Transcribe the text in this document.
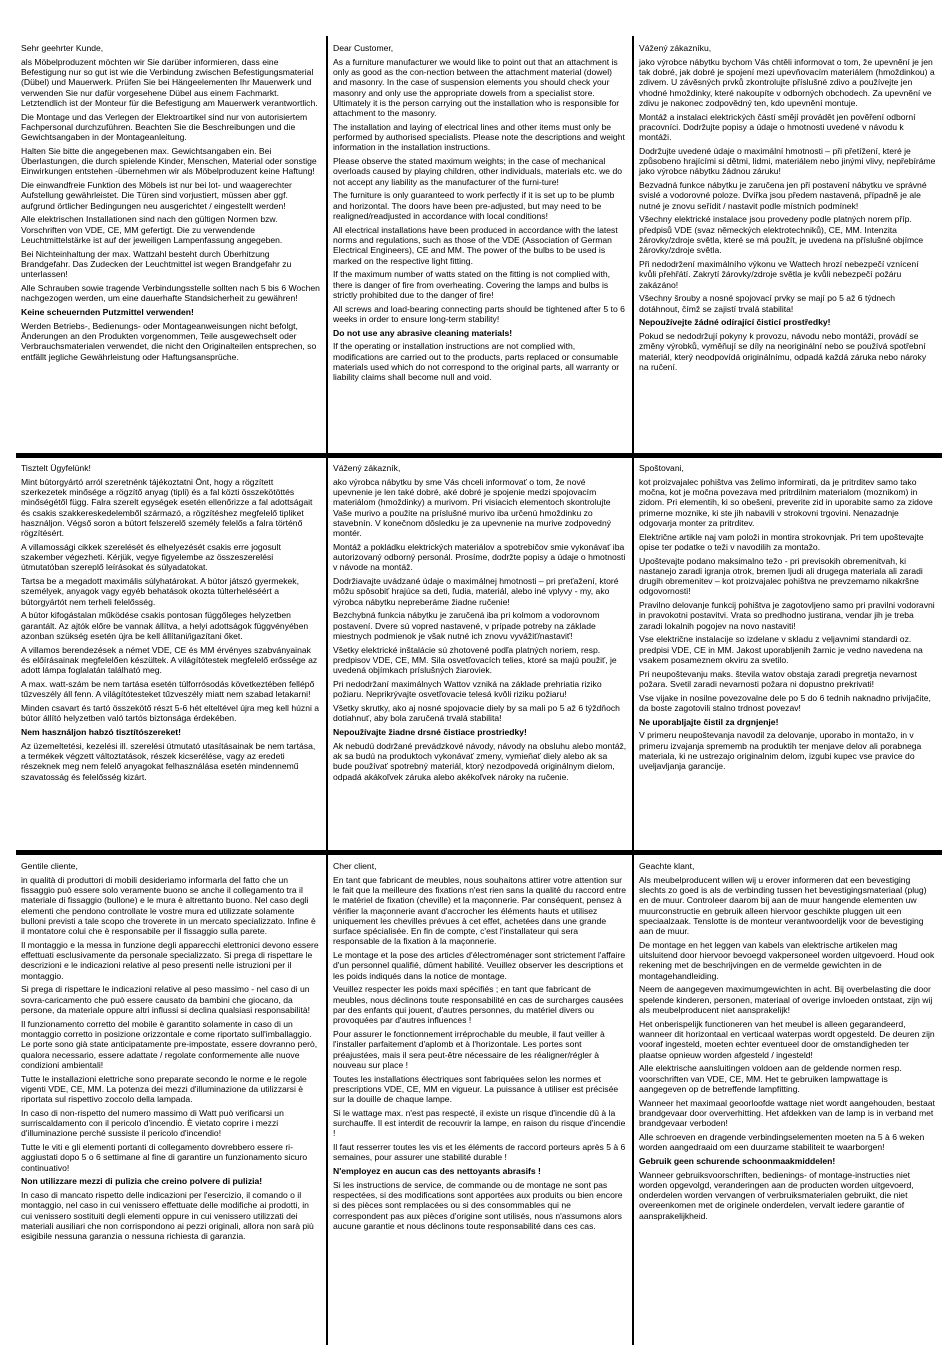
Sehr geehrter Kunde,

als Möbelproduzent möchten wir Sie darüber informieren, dass eine Befestigung nur so gut ist wie die Verbindung zwischen Befestigungsmaterial (Dübel) und Mauerwerk. Prüfen Sie bei Hängeelementen Ihr Mauerwerk und verwenden Sie nur dafür vorgesehene Dübel aus einem Fachmarkt. Letztendlich ist der Monteur für die Befestigung am Mauerwerk verantwortlich.

Die Montage und das Verlegen der Elektroartikel sind nur von autorisiertem Fachpersonal durchzuführen. Beachten Sie die Beschreibungen und die Gewichtsangaben in der Montageanleitung.

Halten Sie bitte die angegebenen max. Gewichtsangaben ein. Bei Überlastungen, die durch spielende Kinder, Menschen, Material oder sonstige Einwirkungen entstehen -übernehmen wir als Möbelproduzent keine Haftung!

Die einwandfreie Funktion des Möbels ist nur bei lot- und waagerechter Aufstellung gewährleistet. Die Türen sind vorjustiert, müssen aber ggf. aufgrund örtlicher Bedingungen neu ausgerichtet / eingestellt werden!

Alle elektrischen Installationen sind nach den gültigen Normen bzw. Vorschriften von VDE, CE, MM gefertigt. Die zu verwendende Leuchtmittelstärke ist auf der jeweiligen Lampenfassung angegeben.

Bei Nichteinhaltung der max. Wattzahl besteht durch Überhitzung Brandgefahr. Das Zudecken der Leuchtmittel ist wegen Brandgefahr zu unterlassen!

Alle Schrauben sowie tragende Verbindungsstelle sollten nach 5 bis 6 Wochen nachgezogen werden, um eine dauerhafte Standsicherheit zu gewähren!

Keine scheuernden Putzmittel verwenden!

Werden Betriebs-, Bedienungs- oder Montageanweisungen nicht befolgt, Änderungen an den Produkten vorgenommen, Teile ausgewechselt oder Verbrauchsmaterialen verwendet, die nicht den Originalteilen entsprechen, so entfällt jegliche Gewährleistung oder Haftungsansprüche.

Dear Customer,

As a furniture manufacturer we would like to point out that an attachment is only as good as the con-nection between the attachment material (dowel) and masonry. In the case of suspension elements you should check your masonry and only use the appropriate dowels from a specialist store. Ultimately it is the person carrying out the installation who is responsible for attachment to the masonry.

The installation and laying of electrical lines and other items must only be performed by authorised specialists. Please note the descriptions and weight information in the installation instructions.

Please observe the stated maximum weights; in the case of mechanical overloads caused by playing children, other individuals, materials etc. we do not accept any liability as the manufacturer of the furni-ture!

The furniture is only guaranteed to work perfectly if it is set up to be plumb and horizontal. The doors have been pre-adjusted, but may need to be realigned/readjusted in accordance with local conditions!

All electrical installations have been produced in accordance with the latest norms and regulations, such as those of the VDE (Association of German Electrical Engineers), CE and MM. The power of the bulbs to be used is marked on the respective light fitting.

If the maximum number of watts stated on the fitting is not complied with, there is danger of fire from overheating. Covering the lamps and bulbs is strictly prohibited due to the danger of fire!

All screws and load-bearing connecting parts should be tightened after 5 to 6 weeks in order to ensure long-term stability!

Do not use any abrasive cleaning materials!

If the operating or installation instructions are not complied with, modifications are carried out to the products, parts replaced or consumable materials used which do not correspond to the original parts, all warranty or liability claims shall become null and void.

Vážený zákazníku,

jako výrobce nábytku bychom Vás chtěli informovat o tom, že upevnění je jen tak dobré, jak dobré je spojení mezi upevňovacím materiálem (hmoždinkou) a zdivem. U závěsných prvků zkontrolujte příslušné zdivo a používejte jen vhodné hmoždinky, které nakoupíte v odborných obchodech. Za upevnění ve zdivu je nakonec zodpovědný ten, kdo upevnění montuje.

Montáž a instalaci elektrických částí smějí provádět jen pověření odborní pracovníci. Dodržujte popisy a údaje o hmotnosti uvedené v návodu k montáži.

Dodržujte uvedené údaje o maximální hmotnosti – při přetížení, které je způsobeno hrajícími si dětmi, lidmi, materiálem nebo jinými vlivy, nepřebíráme jako výrobce nábytku žádnou záruku!

Bezvadná funkce nábytku je zaručena jen při postavení nábytku ve správné svislé a vodorovné poloze. Dvířka jsou předem nastavená, případně je ale nutné je znovu seřídit / nastavit podle místních podmínek!

Všechny elektrické instalace jsou provedeny podle platných norem příp. předpisů VDE (svaz německých elektrotechniků), CE, MM. Intenzita žárovky/zdroje světla, které se má použít, je uvedena na příslušné objímce žárovky/zdroje světla.

Při nedodržení maximálního výkonu ve Wattech hrozí nebezpečí vznícení kvůli přehřátí. Zakrytí žárovky/zdroje světla je kvůli nebezpečí požáru zakázáno!

Všechny šrouby a nosné spojovací prvky se mají po 5 až 6 týdnech dotáhnout, čímž se zajistí trvalá stabilita!

Nepoužívejte žádné odírající čisticí prostředky!

Pokud se nedodržují pokyny k provozu, návodu nebo montáži, provádí se změny výrobků, vyměňují se díly na neoriginální nebo se používá spotřební materiál, který neodpovídá originálnímu, odpadá každá záruka nebo nároky na ručení.

Tisztelt Ügyfelünk!

Mint bútorgyártó arról szeretnénk tájékoztatni Önt, hogy a rögzített szerkezetek minősége a rögzítő anyag (tipli) és a fal közti összekötöttés minőségétől függ. Falra szerelt egységek esetén ellenőrizze a fal adottságait és csakis szakkereskedelemből származó, a rögzítéshez megfelelő tipliket használjon. Végső soron a bútort felszerelő személy felelős a falra történő rögzítésért.

A villamossági cikkek szerelését és elhelyezését csakis erre jogosult szakember végezheti. Kérjük, vegye figyelembe az összeszerelési útmutatóban szereplő leírásokat és súlyadatokat.

Tartsa be a megadott maximális súlyhatárokat. A bútor játszó gyermekek, személyek, anyagok vagy egyéb behatások okozta túlterheléséért a bútorgyártót nem terheli felelősség.

A bútor kifogástalan működése csakis pontosan függőleges helyzetben garantált. Az ajtók előre be vannak állítva, a helyi adottságok függvényében azonban szükség esetén újra be kell állítani/igazítani őket.

A villamos berendezések a német VDE, CE és MM érvényes szabványainak és előírásainak megfelelően készültek. A világítótestek megfelelő erőssége az adott lámpa foglalatán található meg.

A max. watt-szám be nem tartása esetén túlforrósodás következtében fellépő tűzveszély áll fenn. A világítótesteket tűzveszély miatt nem szabad letakarni!

Minden csavart és tartó összekötő részt 5-6 hét elteltével újra meg kell húzni a bútor állító helyzetben való tartós biztonsága érdekében.

Nem használjon habzó tisztítószereket!

Az üzemeltetési, kezelési ill. szerelési útmutató utasításainak be nem tartása, a termékek végzett változtatások, részek kicserélése, vagy az eredeti részeknek meg nem felelő anyagokat felhasználása esetén mindennemű szavatosság és felelősség kizárt.

Vážený zákazník,

ako výrobca nábytku by sme Vás chceli informovať o tom, že nové upevnenie je len také dobré, aké dobré je spojenie medzi spojovacím materiálom (hmoždinky) a murivom. Pri visiacich elementoch skontrolujte Vaše murivo a použite na príslušné murivo iba určenú hmoždinku zo stavebnín. V konečnom dôsledku je za upevnenie na murive zodpovedný montér.

Montáž a pokládku elektrických materiálov a spotrebičov smie vykonávať iba autorizovaný odborný personál. Prosíme, dodržte popisy a údaje o hmotnosti v návode na montáž.

Dodržiavajte uvádzané údaje o maximálnej hmotnosti – pri preťažení, ktoré môžu spôsobiť hrajúce sa deti, ľudia, materiál, alebo iné vplyvy - my, ako výrobca nábytku nepreberáme žiadne ručenie!

Bezchybná funkcia nábytku je zaručená iba pri kolmom a vodorovnom postavení. Dvere sú vopred nastavené, v prípade potreby na základe miestnych podmienok je však nutné ich znovu vyvážiť/nastaviť!

Všetky elektrické inštalácie sú zhotovené podľa platných noriem, resp. predpisov VDE, CE, MM. Sila osvetľovacích telies, ktoré sa majú použiť, je uvedená objímkach príslušných žiaroviek.

Pri nedodržaní maximálnych Wattov vzniká na základe prehriatia riziko požiaru. Neprikrývajte osvetľovacie telesá kvôli riziku požiaru!

Všetky skrutky, ako aj nosné spojovacie diely by sa mali po 5 až 6 týždňoch dotiahnuť, aby bola zaručená trvalá stabilita!

Nepoužívajte žiadne drsné čistiace prostriedky!

Ak nebudú dodržané prevádzkové návody, návody na obsluhu alebo montáž, ak sa budú na produktoch vykonávať zmeny, vymieňať diely alebo ak sa bude používať spotrebný materiál, ktorý nezodpovedá originálnym dielom, odpadá akákoľvek záruka alebo akékoľvek nároky na ručenie.

Spoštovani,

kot proizvajalec pohištva vas želimo informirati, da je pritrditev samo tako močna, kot je močna povezava med pritrdilnim materialom (moznikom) in zidom. Pri elementih, ki so obešeni, preverite zid in uporabite samo za zidove primerne moznike, ki ste jih nabavili v strokovni trgovini. Nenazadnje odgovarja monter za pritrditev.

Električne artikle naj vam položi in montira strokovnjak. Pri tem upoštevajte opise ter podatke o teži v navodilih za montažo.

Upoštevajte podano maksimalno težo - pri previsokih obremenitvah, ki nastanejo zaradi igranja otrok, bremen ljudi ali drugega materiala ali zaradi drugih obremenitev – kot proizvajalec pohištva ne prevzemamo nikakršne odgovornosti!

Pravilno delovanje funkcij pohištva je zagotovljeno samo pri pravilni vodoravni in pravokotni postavitvi. Vrata so predhodno justirana, vendar jih je treba zaradi lokalnih pogojev na novo nastaviti!

Vse električne instalacije so izdelane v skladu z veljavnimi standardi oz. predpisi VDE, CE in MM. Jakost uporabljenih žarnic je vedno navedena na vsakem posameznem okviru za svetilo.

Pri neupoštevanju maks. števila watov obstaja zaradi pregretja nevarnost požara. Svetil zaradi nevarnosti požara ni dopustno prekrivati!

Vse vijake in nosilne povezovalne dele po 5 do 6 tednih naknadno privijačite, da boste zagotovili stalno trdnost povezav!

Ne uporabljajte čistil za drgnjenje!

V primeru neupoštevanja navodil za delovanje, uporabo in montažo, in v primeru izvajanja sprememb na produktih ter menjave delov ali porabnega materiala, ki ne ustrezajo originalnim delom, izgubi kupec vse pravice do uveljavljanja garancije.

Gentile cliente,

in qualità di produttori di mobili desideriamo informarla del fatto che un fissaggio può essere solo veramente buono se anche il collegamento tra il materiale di fissaggio (bullone) e le mura è altrettanto buono. Nel caso degli elementi che pendono controllate le vostre mura ed utilizzate solamente bulloni previsti a tale scopo che troverete in un mercato specializzato. Infine è il montatore colui che è responsabile per il fissaggio sulla parete.

Il montaggio e la messa in funzione degli apparecchi elettronici devono essere effettuati esclusivamente da personale specializzato. Si prega di rispettare le descrizioni e le indicazioni relative al peso presenti nelle istruzioni per il montaggio.

Si prega di rispettare le indicazioni relative al peso massimo - nel caso di un sovra-caricamento che può essere causato da bambini che giocano, da persone, da materiale oppure altri influssi si declina qualsiasi responsabilità!

Il funzionamento corretto del mobile è garantito solamente in caso di un montaggio corretto in posizione orizzontale e come riportato sull'imballaggio. Le porte sono già state anticipatamente pre-impostate, essere dovranno però, qualora necessario, essere adattate / regolate conformemente alle nuove condizioni ambientali!

Tutte le installazioni elettriche sono preparate secondo le norme e le regole vigenti VDE, CE, MM. La potenza dei mezzi d'illuminazione da utilizzarsi è riportata sul rispettivo zoccolo della lampada.

In caso di non-rispetto del numero massimo di Watt può verificarsi un surriscaldamento con il pericolo d'incendio. È vietato coprire i mezzi d'illuminazione perché sussiste il pericolo d'incendio!

Tutte le viti e gli elementi portanti di collegamento dovrebbero essere ri-aggiustati dopo 5 o 6 settimane al fine di garantire un funzionamento sicuro continuativo!

Non utilizzare mezzi di pulizia che creino polvere di pulizia!

In caso di mancato rispetto delle indicazioni per l'esercizio, il comando o il montaggio, nel caso in cui venissero effettuate delle modifiche ai prodotti, in cui venissero sostituiti degli elementi oppure in cui venissero utilizzati dei materiali ausiliari che non corrispondono ai pezzi originali, allora non sarà più esigibile nessuna garanzia o nessuna richiesta di garanzia.

Cher client,

En tant que fabricant de meubles, nous souhaitons attirer votre attention sur le fait que la meilleure des fixations n'est rien sans la qualité du raccord entre le matériel de fixation (cheville) et la maçonnerie. Par conséquent, pensez à vérifier la maçonnerie avant d'accrocher les éléments hauts et utilisez uniquement les chevilles prévues à cet effet, achetées dans une grande surface spécialisée. En fin de compte, c'est l'installateur qui sera responsable de la fixation à la maçonnerie.

Le montage et la pose des articles d'électroménager sont strictement l'affaire d'un personnel qualifié, dûment habilité. Veuillez observer les descriptions et les poids indiqués dans la notice de montage.

Veuillez respecter les poids maxi spécifiés ; en tant que fabricant de meubles, nous déclinons toute responsabilité en cas de surcharges causées par des enfants qui jouent, d'autres personnes, du matériel divers ou provoquées par d'autres influences !

Pour assurer le fonctionnement irréprochable du meuble, il faut veiller à l'installer parfaitement d'aplomb et à l'horizontale. Les portes sont préajustées, mais il sera peut-être nécessaire de les réaligner/régler à nouveau sur place !

Toutes les installations électriques sont fabriquées selon les normes et prescriptions VDE, CE, MM en vigueur. La puissance à utiliser est précisée sur la douille de chaque lampe.

Si le wattage max. n'est pas respecté, il existe un risque d'incendie dû à la surchauffe. Il est interdit de recouvrir la lampe, en raison du risque d'incendie !

Il faut resserrer toutes les vis et les éléments de raccord porteurs après 5 à 6 semaines, pour assurer une stabilité durable !

N'employez en aucun cas des nettoyants abrasifs !

Si les instructions de service, de commande ou de montage ne sont pas respectées, si des modifications sont apportées aux produits ou bien encore si des pièces sont remplacées ou si des consommables qui ne correspondent pas aux pièces d'origine sont utilisés, nous n'assumons alors aucune garantie et nous déclinons toute responsabilité dans ces cas.

Geachte klant,

Als meubelproducent willen wij u erover informeren dat een bevestiging slechts zo goed is als de verbinding tussen het bevestigingsmateriaal (plug) en de muur. Controleer daarom bij aan de muur hangende elementen uw muurconstructie en gebruik alleen hiervoor geschikte pluggen uit een speciaalzaak. Tenslotte is de monteur verantwoordelijk voor de bevestiging aan de muur.

De montage en het leggen van kabels van elektrische artikelen mag uitsluitend door hiervoor bevoegd vakpersoneel worden uitgevoerd. Houd ook rekening met de beschrijvingen en de vermelde gewichten in de montagehandleiding.

Neem de aangegeven maximumgewichten in acht. Bij overbelasting die door spelende kinderen, personen, materiaal of overige invloeden ontstaat, zijn wij als meubelproducent niet aansprakelijk!

Het onberispelijk functioneren van het meubel is alleen gegarandeerd, wanneer dit horizontaal en verticaal waterpas wordt opgesteld. De deuren zijn vooraf ingesteld, moeten echter eventueel door de omstandigheden ter plaatse opnieuw worden afgesteld / ingesteld!

Alle elektrische aansluitingen voldoen aan de geldende normen resp. voorschriften van VDE, CE, MM. Het te gebruiken lampwattage is aangegeven op de betreffende lampfitting.

Wanneer het maximaal geoorloofde wattage niet wordt aangehouden, bestaat brandgevaar door oververhitting. Het afdekken van de lamp is in verband met brandgevaar verboden!

Alle schroeven en dragende verbindingselementen moeten na 5 à 6 weken worden aangedraaid om een duurzame stabiliteit te waarborgen!

Gebruik geen schurende schoonmaakmiddelen!

Wanneer gebruiksvoorschriften, bedienings- of montage-instructies niet worden opgevolgd, veranderingen aan de producten worden uitgevoerd, onderdelen worden vervangen of verbruiksmaterialen gebruikt, die niet overeenkomen met de originele onderdelen, vervalt iedere garantie of aansprakelijkheid.
